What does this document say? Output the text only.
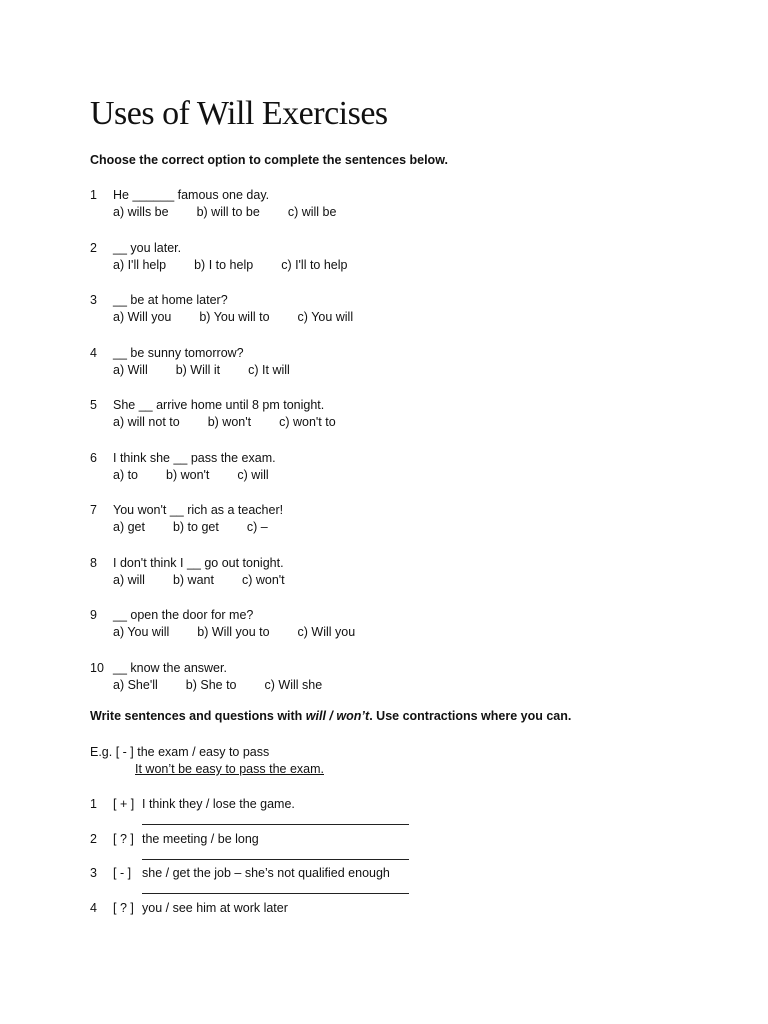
Uses of Will Exercises
Choose the correct option to complete the sentences below.
1	He ______ famous one day.
a) wills be b) will to be c) will be
2	__ you later.
a) I'll help b) I to help c) I'll to help
3	__ be at home later?
a) Will you b) You will to c) You will
4	__ be sunny tomorrow?
a) Will b) Will it c) It will
5	She __ arrive home until 8 pm tonight.
a) will not to b) won't c) won't to
6	I think she __ pass the exam.
a) to b) won't c) will
7	You won't __ rich as a teacher!
a) get b) to get c) –
8	I don't think I __ go out tonight.
a) will b) want c) won't
9	__ open the door for me?
a) You will b) Will you to c) Will you
10 __ know the answer.
a) She'll b) She to c) Will she
Write sentences and questions with will / won’t. Use contractions where you can.
E.g. [ - ] the exam / easy to pass
It won’t be easy to pass the exam.
1 [ + ] I think they / lose the game.
2 [ ? ] the meeting / be long
3 [ - ] she / get the job – she’s not qualified enough
4 [ ? ] you / see him at work later
